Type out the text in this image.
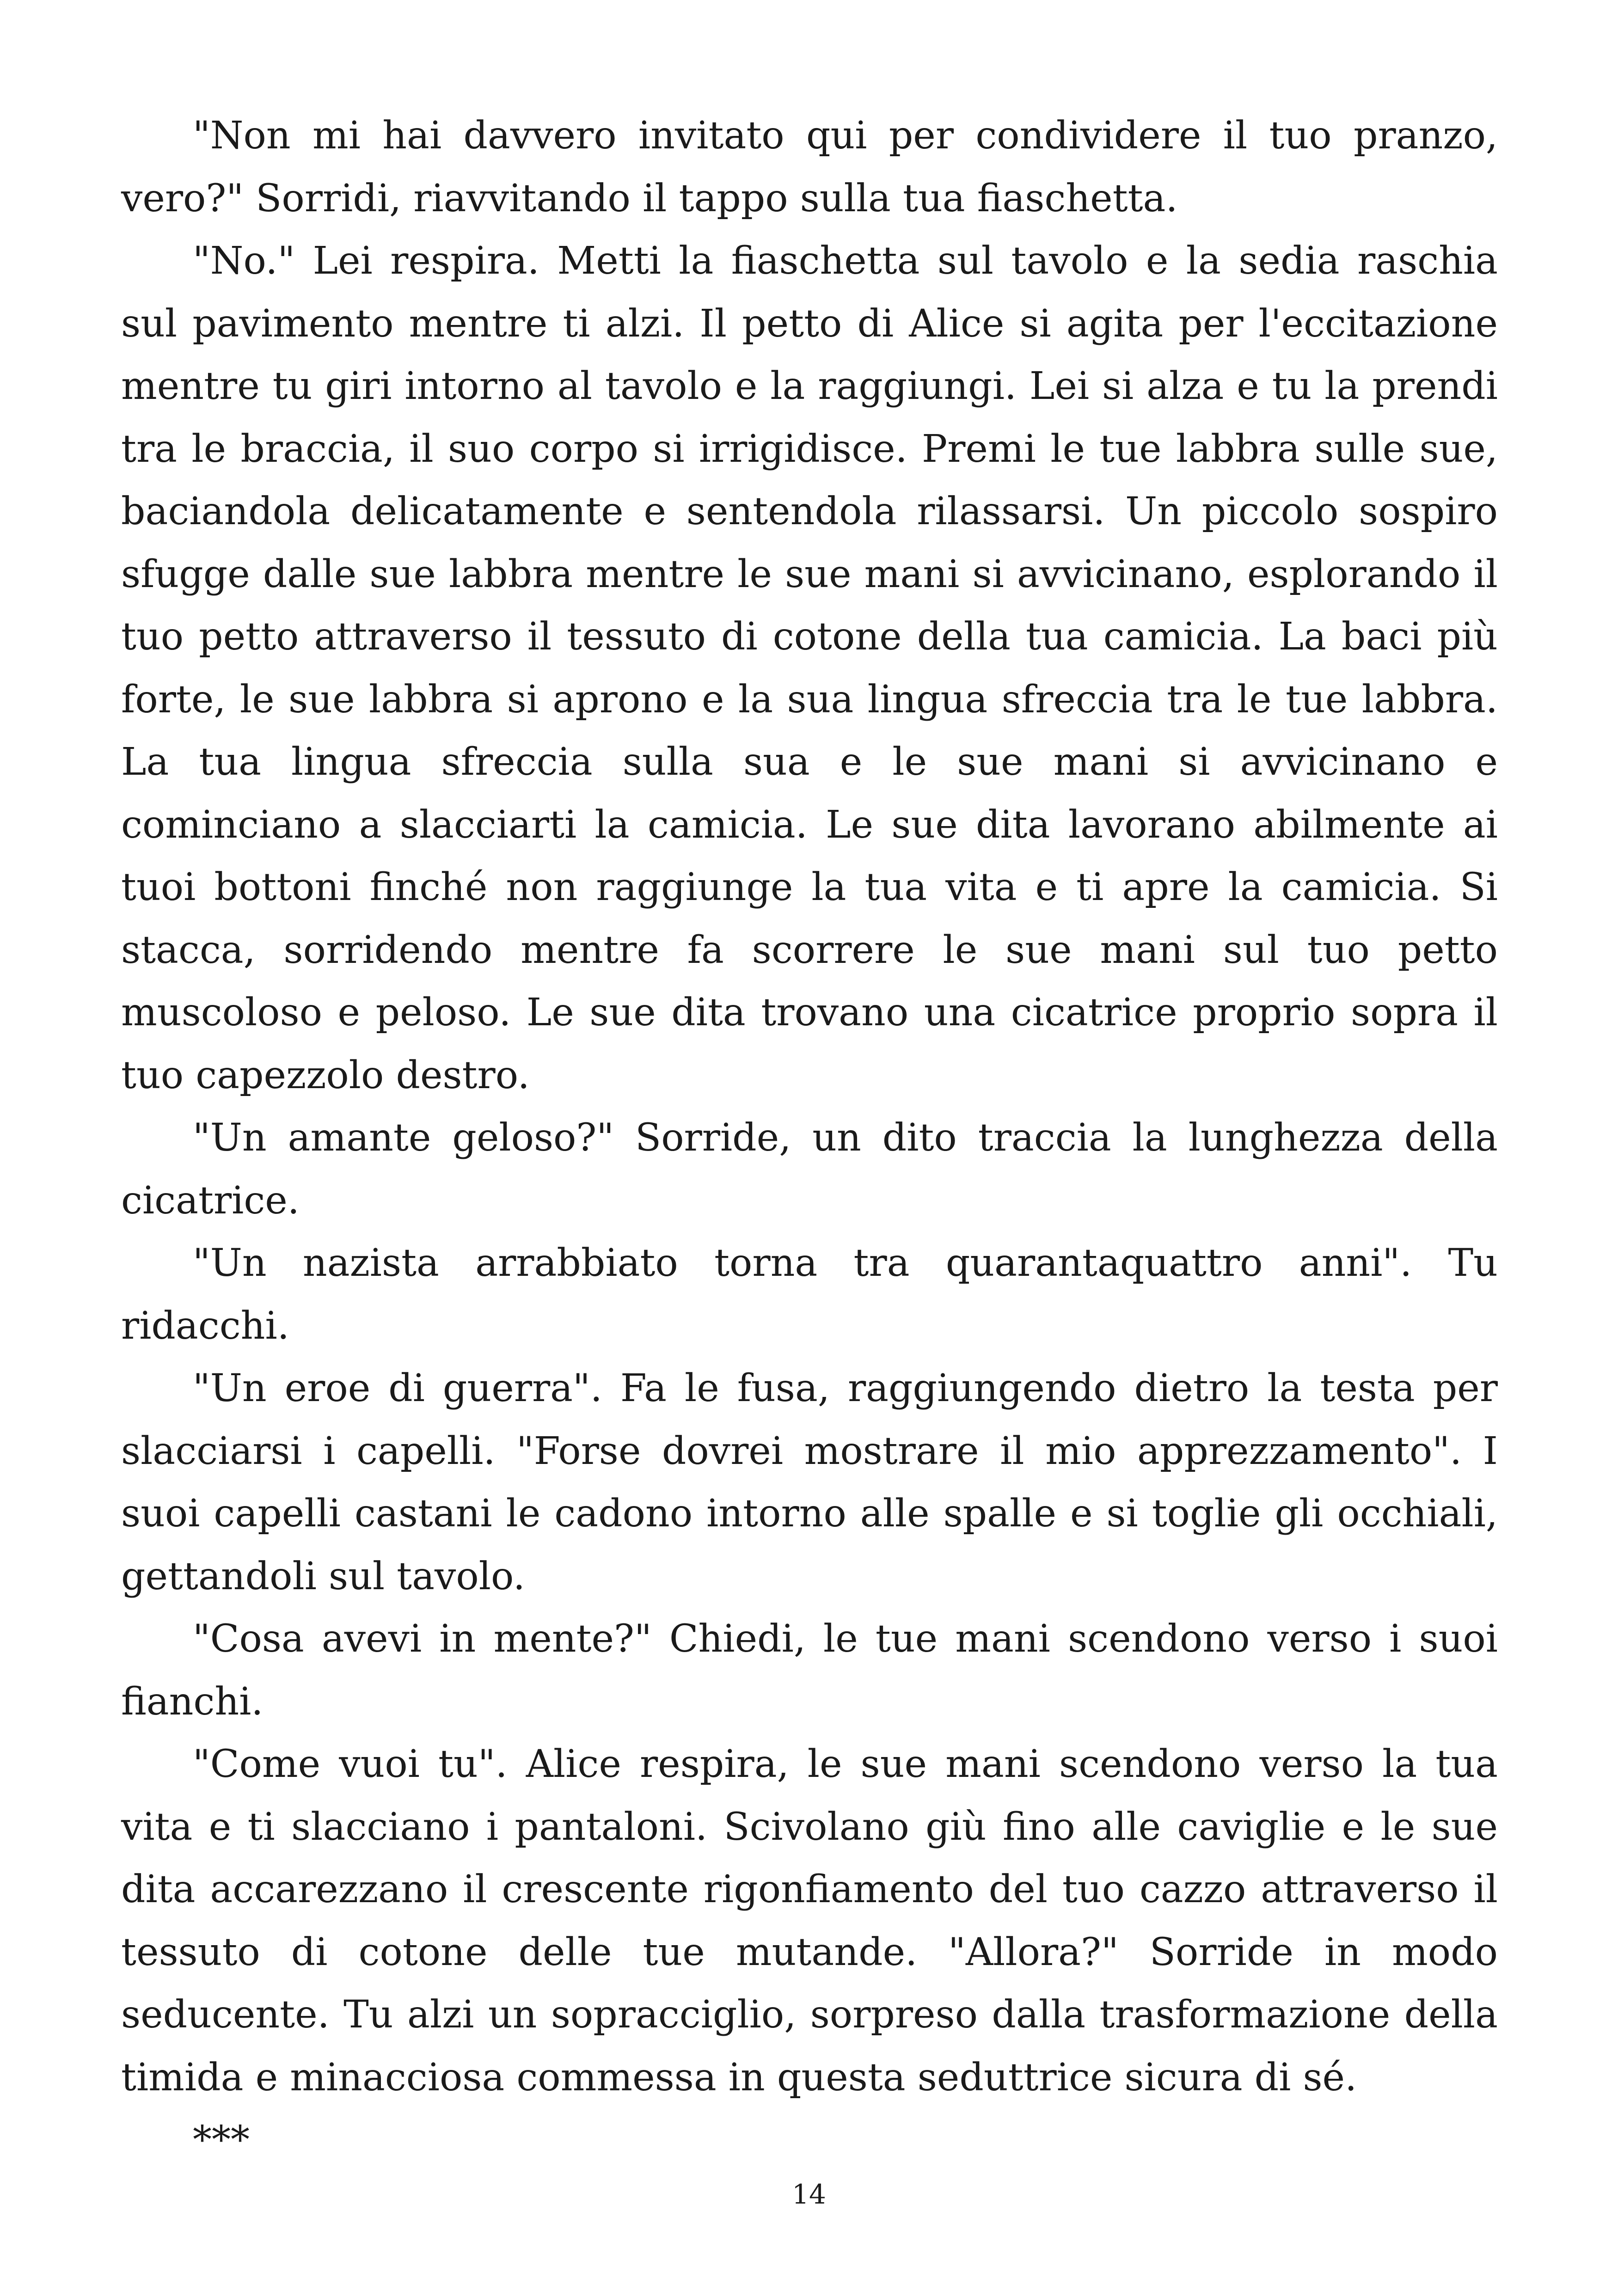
"Non mi hai davvero invitato qui per condividere il tuo pranzo, vero?" Sorridi, riavvitando il tappo sulla tua fiaschetta.

"No." Lei respira. Metti la fiaschetta sul tavolo e la sedia raschia sul pavimento mentre ti alzi. Il petto di Alice si agita per l'eccitazione mentre tu giri intorno al tavolo e la raggiungi. Lei si alza e tu la prendi tra le braccia, il suo corpo si irrigidisce. Premi le tue labbra sulle sue, baciandola delicatamente e sentendola rilassarsi. Un piccolo sospiro sfugge dalle sue labbra mentre le sue mani si avvicinano, esplorando il tuo petto attraverso il tessuto di cotone della tua camicia. La baci più forte, le sue labbra si aprono e la sua lingua sfreccia tra le tue labbra. La tua lingua sfreccia sulla sua e le sue mani si avvicinano e cominciano a slacciarti la camicia. Le sue dita lavorano abilmente ai tuoi bottoni finché non raggiunge la tua vita e ti apre la camicia. Si stacca, sorridendo mentre fa scorrere le sue mani sul tuo petto muscoloso e peloso. Le sue dita trovano una cicatrice proprio sopra il tuo capezzolo destro.

"Un amante geloso?" Sorride, un dito traccia la lunghezza della cicatrice.

"Un nazista arrabbiato torna tra quarantaquattro anni". Tu ridacchi.

"Un eroe di guerra". Fa le fusa, raggiungendo dietro la testa per slacciarsi i capelli. "Forse dovrei mostrare il mio apprezzamento". I suoi capelli castani le cadono intorno alle spalle e si toglie gli occhiali, gettandoli sul tavolo.

"Cosa avevi in mente?" Chiedi, le tue mani scendono verso i suoi fianchi.

"Come vuoi tu". Alice respira, le sue mani scendono verso la tua vita e ti slacciano i pantaloni. Scivolano giù fino alle caviglie e le sue dita accarezzano il crescente rigonfiamento del tuo cazzo attraverso il tessuto di cotone delle tue mutande. "Allora?" Sorride in modo seducente. Tu alzi un sopracciglio, sorpreso dalla trasformazione della timida e minacciosa commessa in questa seduttrice sicura di sé.

***

14
